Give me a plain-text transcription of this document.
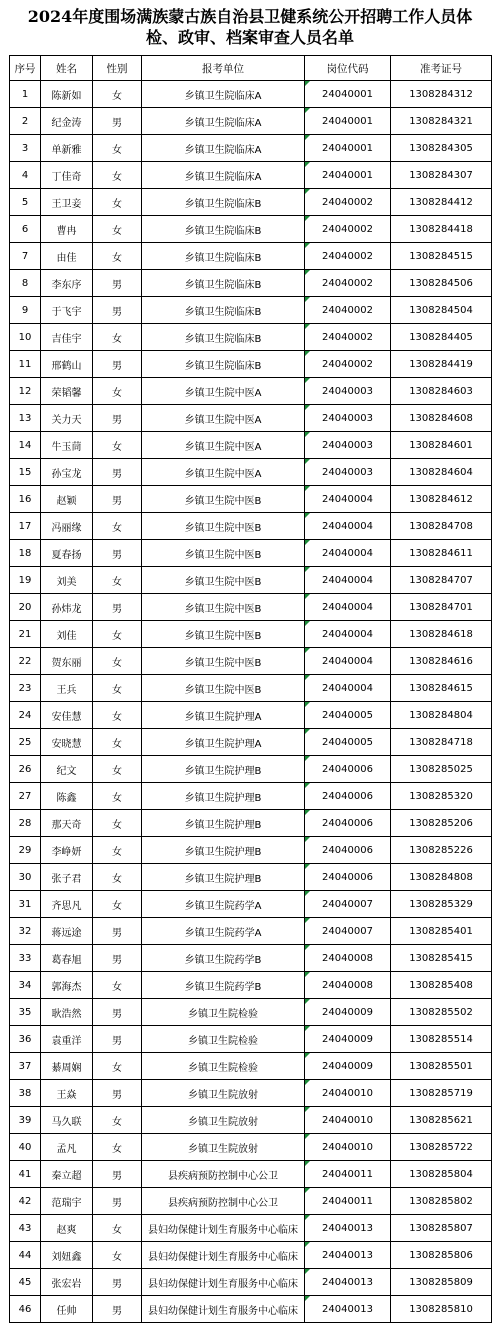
2024年度围场满族蒙古族自治县卫健系统公开招聘工作人员体
检、政审、档案审查人员名单
序号	姓名	性别	报考单位	岗位代码	准考证号
1	陈新如	女	乡镇卫生院临床A	24040001	1308284312
2	纪金涛	男	乡镇卫生院临床A	24040001	1308284321
3	单新雅	女	乡镇卫生院临床A	24040001	1308284305
4	丁佳奇	女	乡镇卫生院临床A	24040001	1308284307
5	王卫妾	女	乡镇卫生院临床B	24040002	1308284412
6	曹冉	女	乡镇卫生院临床B	24040002	1308284418
7	由佳	女	乡镇卫生院临床B	24040002	1308284515
8	李东序	男	乡镇卫生院临床B	24040002	1308284506
9	于飞宇	男	乡镇卫生院临床B	24040002	1308284504
10	吉佳宇	女	乡镇卫生院临床B	24040002	1308284405
11	邢鹤山	男	乡镇卫生院临床B	24040002	1308284419
12	荣韬馨	女	乡镇卫生院中医A	24040003	1308284603
13	关力天	男	乡镇卫生院中医A	24040003	1308284608
14	牛玉茼	女	乡镇卫生院中医A	24040003	1308284601
15	孙宝龙	男	乡镇卫生院中医A	24040003	1308284604
16	赵颖	男	乡镇卫生院中医B	24040004	1308284612
17	冯丽缘	女	乡镇卫生院中医B	24040004	1308284708
18	夏春扬	男	乡镇卫生院中医B	24040004	1308284611
19	刘美	女	乡镇卫生院中医B	24040004	1308284707
20	孙炜龙	男	乡镇卫生院中医B	24040004	1308284701
21	刘佳	女	乡镇卫生院中医B	24040004	1308284618
22	贺东丽	女	乡镇卫生院中医B	24040004	1308284616
23	王兵	女	乡镇卫生院中医B	24040004	1308284615
24	安佳慧	女	乡镇卫生院护理A	24040005	1308284804
25	安晓慧	女	乡镇卫生院护理A	24040005	1308284718
26	纪文	女	乡镇卫生院护理B	24040006	1308285025
27	陈鑫	女	乡镇卫生院护理B	24040006	1308285320
28	那天奇	女	乡镇卫生院护理B	24040006	1308285206
29	李峥妍	女	乡镇卫生院护理B	24040006	1308285226
30	张子君	女	乡镇卫生院护理B	24040006	1308284808
31	齐思凡	女	乡镇卫生院药学A	24040007	1308285329
32	蒋远途	男	乡镇卫生院药学A	24040007	1308285401
33	葛春旭	男	乡镇卫生院药学B	24040008	1308285415
34	郭海杰	女	乡镇卫生院药学B	24040008	1308285408
35	耿浩然	男	乡镇卫生院检验	24040009	1308285502
36	袁重洋	男	乡镇卫生院检验	24040009	1308285514
37	綦周娴	女	乡镇卫生院检验	24040009	1308285501
38	王焱	男	乡镇卫生院放射	24040010	1308285719
39	马久联	女	乡镇卫生院放射	24040010	1308285621
40	孟凡	女	乡镇卫生院放射	24040010	1308285722
41	秦立超	男	县疾病预防控制中心公卫	24040011	1308285804
42	范瑞宇	男	县疾病预防控制中心公卫	24040011	1308285802
43	赵爽	女	县妇幼保健计划生育服务中心临床	24040013	1308285807
44	刘妞鑫	女	县妇幼保健计划生育服务中心临床	24040013	1308285806
45	张宏岩	男	县妇幼保健计划生育服务中心临床	24040013	1308285809
46	任帅	男	县妇幼保健计划生育服务中心临床	24040013	1308285810
